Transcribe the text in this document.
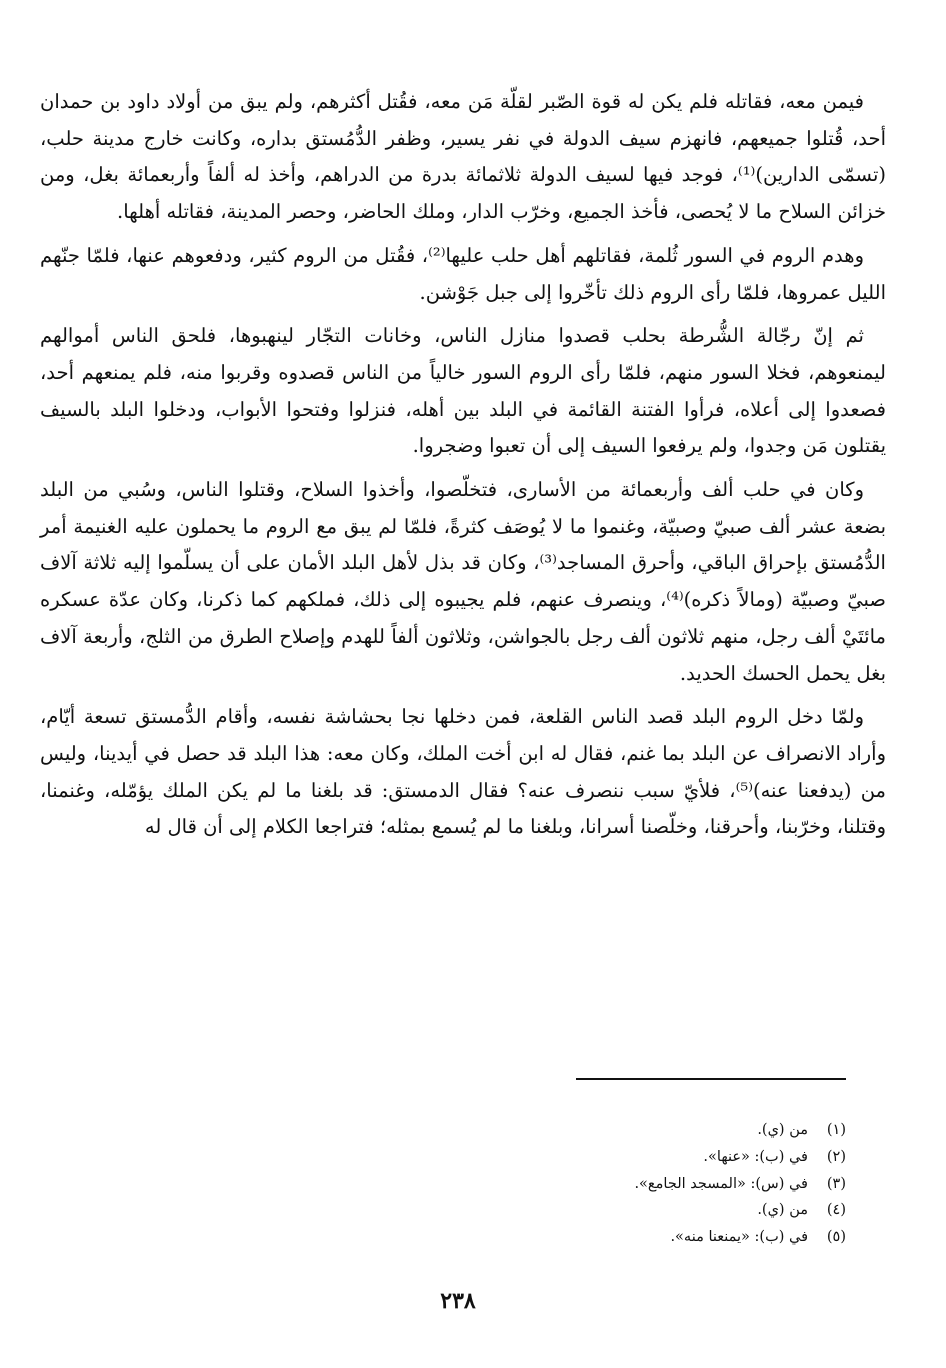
فيمن معه، فقاتله فلم يكن له قوة الصّبر لقلّة مَن معه، فقُتل أكثرهم، ولم يبق من أولاد داود بن حمدان أحد، قُتلوا جميعهم، فانهزم سيف الدولة في نفر يسير، وظفر الدُّمُستق بداره، وكانت خارج مدينة حلب، (تسمّى الدارين)⁽¹⁾، فوجد فيها لسيف الدولة ثلاثمائة بدرة من الدراهم، وأخذ له ألفاً وأربعمائة بغل، ومن خزائن السلاح ما لا يُحصى، فأخذ الجميع، وخرّب الدار، وملك الحاضر، وحصر المدينة، فقاتله أهلها.

وهدم الروم في السور ثُلمة، فقاتلهم أهل حلب عليها⁽²⁾، فقُتل من الروم كثير، ودفعوهم عنها، فلمّا جنّهم الليل عمروها، فلمّا رأى الروم ذلك تأخّروا إلى جبل جَوْشن.

ثم إنّ رجّالة الشُّرطة بحلب قصدوا منازل الناس، وخانات التجّار لينهبوها، فلحق الناس أموالهم ليمنعوهم، فخلا السور منهم، فلمّا رأى الروم السور خالياً من الناس قصدوه وقربوا منه، فلم يمنعهم أحد، فصعدوا إلى أعلاه، فرأوا الفتنة القائمة في البلد بين أهله، فنزلوا وفتحوا الأبواب، ودخلوا البلد بالسيف يقتلون مَن وجدوا، ولم يرفعوا السيف إلى أن تعبوا وضجروا.

وكان في حلب ألف وأربعمائة من الأسارى، فتخلّصوا، وأخذوا السلاح، وقتلوا الناس، وسُبي من البلد بضعة عشر ألف صبيّ وصبيّة، وغنموا ما لا يُوصَف كثرةً، فلمّا لم يبق مع الروم ما يحملون عليه الغنيمة أمر الدُّمُستق بإحراق الباقي، وأحرق المساجد⁽³⁾، وكان قد بذل لأهل البلد الأمان على أن يسلّموا إليه ثلاثة آلاف صبيّ وصبيّة (ومالاً ذكره)⁽⁴⁾، وينصرف عنهم، فلم يجيبوه إلى ذلك، فملكهم كما ذكرنا، وكان عدّة عسكره مائتَيْ ألف رجل، منهم ثلاثون ألف رجل بالجواشن، وثلاثون ألفاً للهدم وإصلاح الطرق من الثلج، وأربعة آلاف بغل يحمل الحسك الحديد.

ولمّا دخل الروم البلد قصد الناس القلعة، فمن دخلها نجا بحشاشة نفسه، وأقام الدُّمستق تسعة أيّام، وأراد الانصراف عن البلد بما غنم، فقال له ابن أخت الملك، وكان معه: هذا البلد قد حصل في أيدينا، وليس من (يدفعنا عنه)⁽⁵⁾، فلأيّ سبب ننصرف عنه؟ فقال الدمستق: قد بلغنا ما لم يكن الملك يؤمّله، وغنمنا، وقتلنا، وخرّبنا، وأحرقنا، وخلّصنا أسرانا، وبلغنا ما لم يُسمع بمثله؛ فتراجعا الكلام إلى أن قال له

(١)من (ي).
(٢)في (ب): «عنها».
(٣)في (س): «المسجد الجامع».
(٤)من (ي).
(٥)في (ب): «يمنعنا منه».
٢٣٨
